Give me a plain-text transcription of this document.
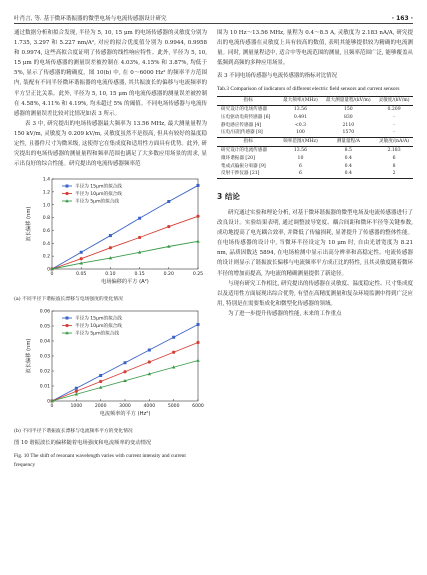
叶肖言, 等. 基于微环谐振器的微型电场与电流传感器设计研究	· 163 ·

通过数据分析和拟合发现, 半径为 5, 10, 15 μm 的电场传感器的灵敏度分别为 1.735, 3.297 和 5.227 nm/A², 对应的拟合优度值分别为 0.9944, 0.9958 和 0.9974, 这些高拟合度证明了传感器的线性响应特性。此外, 半径为 5, 10, 15 μm 的电场传感器的测量误差被控制在 4.03%, 4.15% 和 3.87%, 均低于 5%, 显示了传感器的精确度。图 10(b) 中, 在 0～6000 Hz² 的频率平方范围内, 装配有不同半径微环谐振器的电流传感器, 其共振波长的偏移与电流频率的平方呈正比关系。此外, 半径为 5, 10, 15 μm 的电流传感器的测量误差被控制在 4.58%, 4.11% 和 4.19%, 均未超过 5% 的阈值。不同电场传感器与电流传感器的测量误差比较对比情况如表 3 所示。

表 3 中, 研究提出的电场传感器最大频率为 13.56 MHz, 最大测量量程为 150 kV/m, 灵敏度为 0.209 kV/m, 灵敏度虽然不是很高, 但具有较好的温度稳定性, 且器件尺寸为微米级, 这使得它在集成度和适用性方面具有优势。此外, 研究提出的电场传感器的测量量程和频率范围也满足了大多数应用场景的需求, 显示出良好的综合性能。研究提出的电流传感器频率范

0	0.05	0.10	0.15	0.20	0.25
0
0.2
0.4
0.6
0.8
1.0
1.2
1.4
电场偏移的平方 (A²)
波长偏移 (nm)
半径为 15μm的拟合线
半径为 10μm的拟合线
半径为 5μm的拟合线
(a) 不同半径下谐振波长漂移与电场强度的变化情况
0	1000	2000	3000	4000	5000	6000
0
0.01
0.02
0.03
0.04
0.05
0.06
电流频率的平方 (Hz²)
波长偏移 (nm)
半径为 15μm的拟合线
半径为 10μm的拟合线
半径为 5μm的拟合线
(b) 不同半径下谐振波长漂移与电流频率平方的变化情况
图 10 谐振波长的偏移随着电场强度和电流频率的变动情况
Fig. 10 The shift of resonant wavelength varies with current intensity and current frequency

围为 10 Hz～13.56 MHz, 量程为 0.4～8.5 A, 灵敏度为 2.183 nA/A, 研究提出的电流传感器在灵敏度上具有较高的数值, 表明其能够提供较为精确的电流测量。同时, 测量量程适中, 适合中等电流范围的测量, 且频率范围广泛, 能够覆盖从低频到高频的多种应用场景。

表 3 不同电场传感器与电流传感器的指标对比情况
Tab.3 Comparison of indicators of different electric field sensors and current sensors
指标	最大频率/(MHz)	最大测量量程/(kV/m)	灵敏度/(kV/m)
研究设计的电场传感器	13.56	150	0.209
压电驱动电荷传感器 [6]	0.491	830	-
静电感应传感器 [4]	<0.3	2110	-
压电/压阻传感器 [8]	100	1570	-
指标	频率范围/(MHz)	测量量程/A	灵敏度/(nA/A)
研究设计的电流传感器	13.56	8.5	2.183
微环谐振器 [20]	10	0.4	6
集成式偏振分束器 [9]	6	0.4	8
反射干涉仪器 [21]	6	0.4	2
3 结论

研究通过实验和理论分析, 对基于微环谐振器的微型电场及电流传感器进行了改良设计。实验结果表明, 通过调整波导宽度、耦合间距和微环半径等关键参数, 成功地提高了电光耦合效率, 并降低了传输损耗, 显著提升了传感器的整体性能。在电场传感器的设计中, 当微环半径设定为 10 μm 时, 自由光谱宽度为 8.21 nm, 品质因数达 5894, 在电场检测中显示出高分辨率和高稳定性。电流传感器的设计则显示了谐振波长偏移与电流频率平方成正比的特性, 且其灵敏度随着微环半径的增加而提高, 为电流的精确测量提供了新途径。

与现有研究工作相比, 研究提出的传感器在灵敏度、温度稳定性、尺寸集成度以及适用性方面展现出综合优势, 有望在高精度测量和复杂环境监测中得到广泛应用, 特别是在需要集成化和微型化传感器的领域。

为了进一步提升传感器的性能, 未来的工作重点
